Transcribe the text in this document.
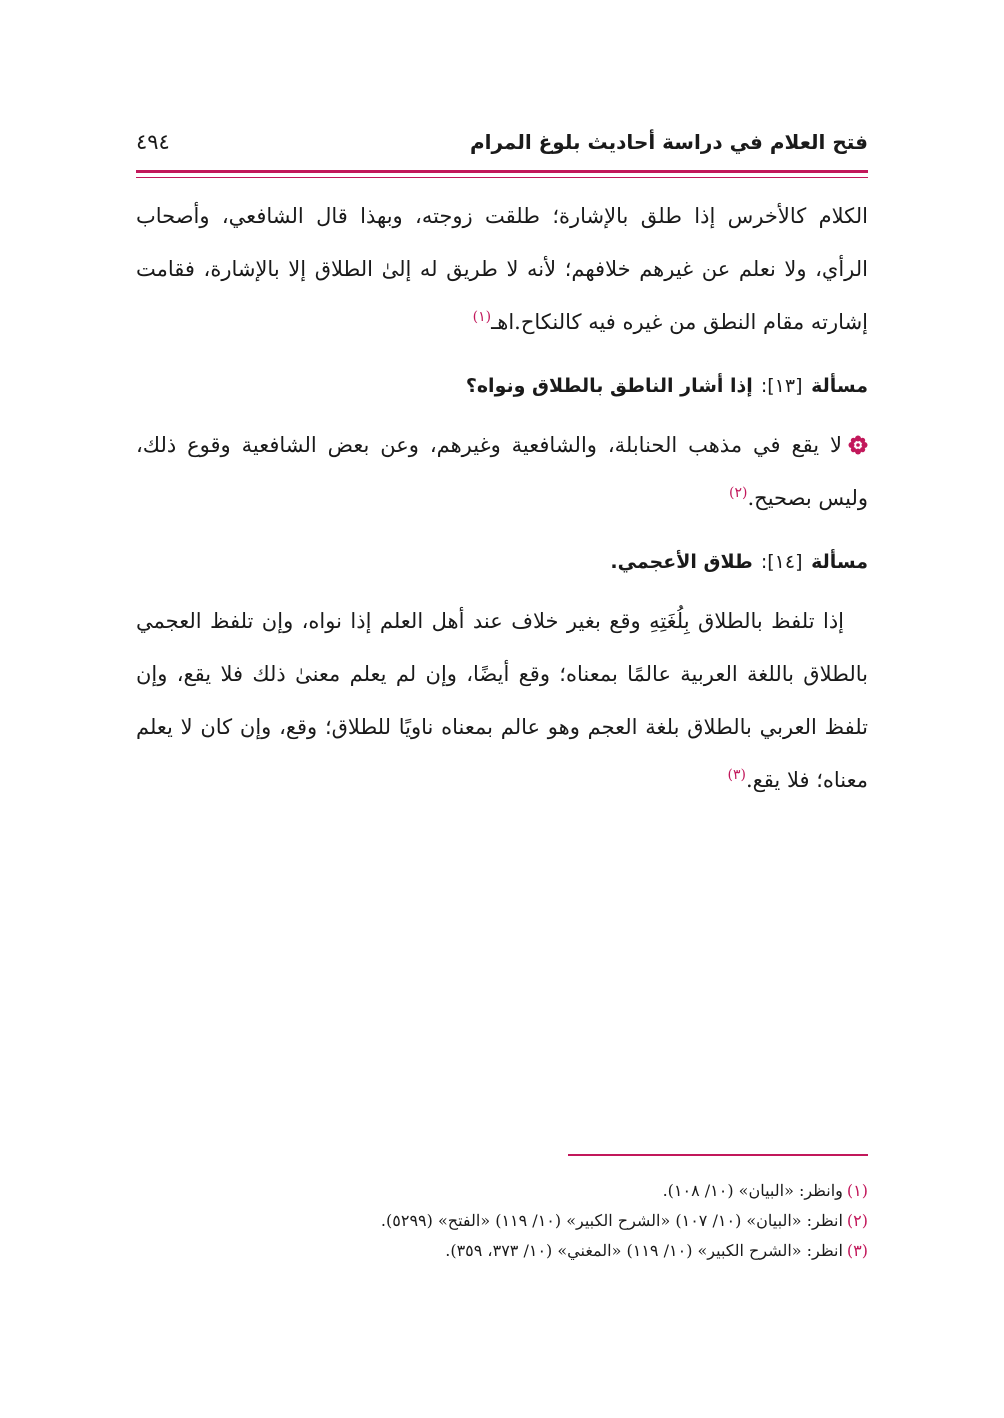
فتح العلام في دراسة أحاديث بلوغ المرام
٤٩٤

الكلام كالأخرس إذا طلق بالإشارة؛ طلقت زوجته، وبهذا قال الشافعي، وأصحاب الرأي، ولا نعلم عن غيرهم خلافهم؛ لأنه لا طريق له إلىٰ الطلاق إلا بالإشارة، فقامت إشارته مقام النطق من غيره فيه كالنكاح.اهـ$^{(١)}$

مسألة [١٣]:إذا أشار الناطق بالطلاق ونواه؟

لا يقع في مذهب الحنابلة، والشافعية وغيرهم، وعن بعض الشافعية وقوع ذلك، وليس بصحيح.$^{(٢)}$

مسألة [١٤]:طلاق الأعجمي.

إذا تلفظ بالطلاق بِلُغَتِهِ وقع بغير خلاف عند أهل العلم إذا نواه، وإن تلفظ العجمي بالطلاق باللغة العربية عالمًا بمعناه؛ وقع أيضًا، وإن لم يعلم معنىٰ ذلك فلا يقع، وإن تلفظ العربي بالطلاق بلغة العجم وهو عالم بمعناه ناويًا للطلاق؛ وقع، وإن كان لا يعلم معناه؛ فلا يقع.$^{(٣)}$

(١)وانظر: «البيان» (١٠/ ١٠٨).

(٢)انظر: «البيان» (١٠/ ١٠٧) «الشرح الكبير» (١٠/ ١١٩) «الفتح» (٥٢٩٩).

(٣)انظر: «الشرح الكبير» (١٠/ ١١٩) «المغني» (١٠/ ٣٧٣، ٣٥٩).
